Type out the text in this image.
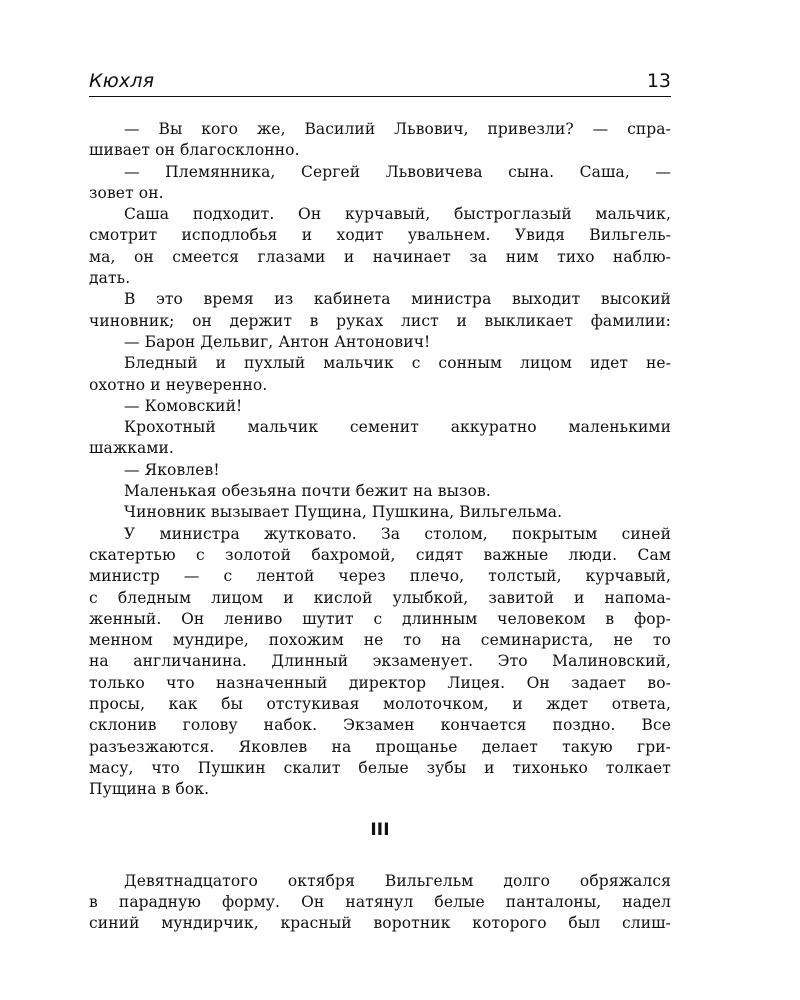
Кюхля	13
— Вы кого же, Василий Львович, привезли? — спра-
шивает он благосклонно.
— Племянника, Сергей Львовичева сына. Саша, —
зовет он.
Саша подходит. Он курчавый, быстроглазый мальчик,
смотрит исподлобья и ходит увальнем. Увидя Вильгель-
ма, он смеется глазами и начинает за ним тихо наблю-
дать.
В это время из кабинета министра выходит высокий
чиновник; он держит в руках лист и выкликает фамилии:
— Барон Дельвиг, Антон Антонович!
Бледный и пухлый мальчик с сонным лицом идет не-
охотно и неуверенно.
— Комовский!
Крохотный мальчик семенит аккуратно маленькими
шажками.
— Яковлев!
Маленькая обезьяна почти бежит на вызов.
Чиновник вызывает Пущина, Пушкина, Вильгельма.
У министра жутковато. За столом, покрытым синей
скатертью с золотой бахромой, сидят важные люди. Сам
министр — с лентой через плечо, толстый, курчавый,
с бледным лицом и кислой улыбкой, завитой и напома-
женный. Он лениво шутит с длинным человеком в фор-
менном мундире, похожим не то на семинариста, не то
на англичанина. Длинный экзаменует. Это Малиновский,
только что назначенный директор Лицея. Он задает во-
просы, как бы отстукивая молоточком, и ждет ответа,
склонив голову набок. Экзамен кончается поздно. Все
разъезжаются. Яковлев на прощанье делает такую гри-
масу, что Пушкин скалит белые зубы и тихонько толкает
Пущина в бок.
III
Девятнадцатого октября Вильгельм долго обряжался
в парадную форму. Он натянул белые панталоны, надел
синий мундирчик, красный воротник которого был слиш-
